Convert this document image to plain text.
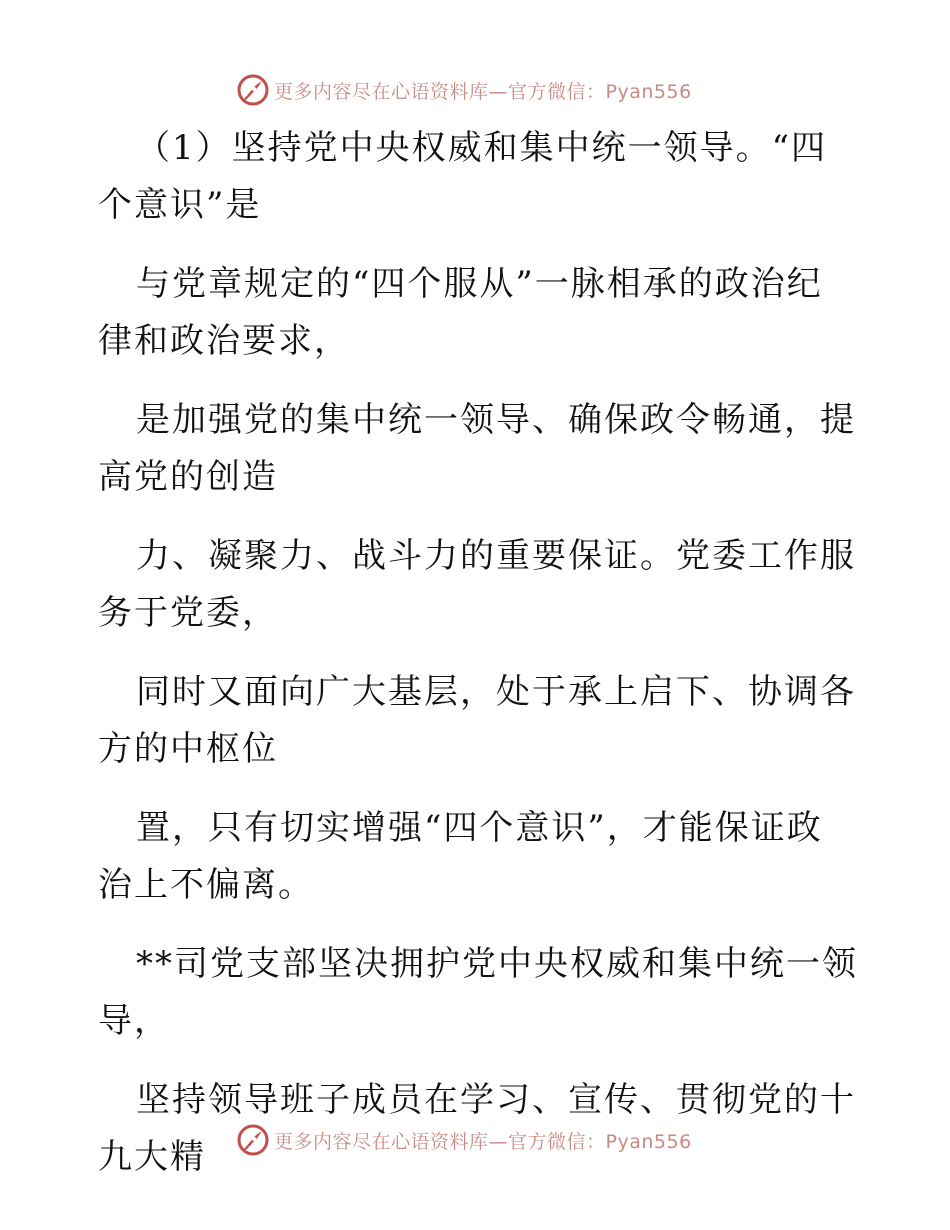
更多内容尽在心语资料库—官方微信：Pyan556

（1）坚持党中央权威和集中统一领导。“四个意识”是

与党章规定的“四个服从”一脉相承的政治纪律和政治要求，

是加强党的集中统一领导、确保政令畅通，提高党的创造

力、凝聚力、战斗力的重要保证。党委工作服务于党委，

同时又面向广大基层，处于承上启下、协调各方的中枢位

置，只有切实增强“四个意识”，才能保证政治上不偏离。

**司党支部坚决拥护党中央权威和集中统一领导，

坚持领导班子成员在学习、宣传、贯彻党的十九大精	更多内容尽在心语资料库—官方微信：Pyan556
